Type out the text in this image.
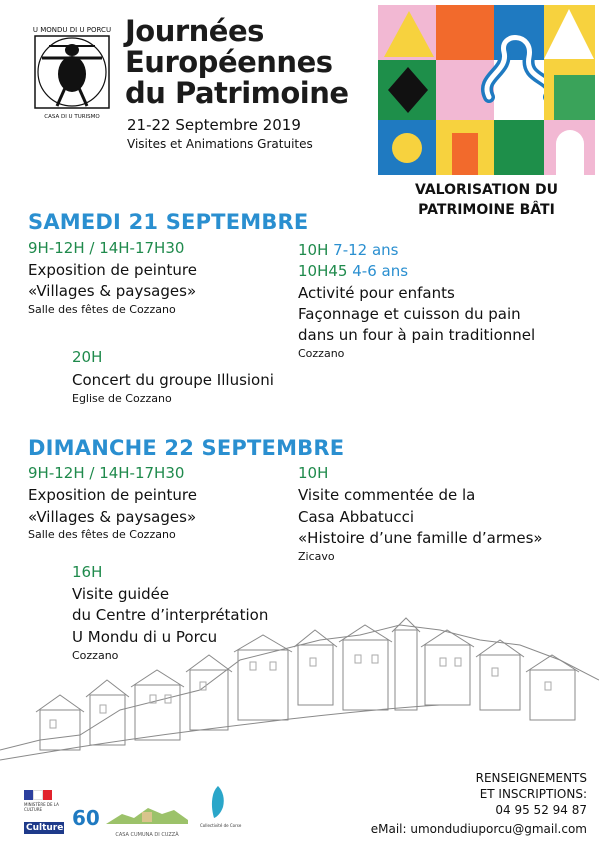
U MONDU DI U PORCU
CASA DI U TURISMO
Journées
Européennes
du Patrimoine
21-22 Septembre 2019
Visites et Animations Gratuites
VALORISATION DU
PATRIMOINE BÂTI
SAMEDI 21 SEPTEMBRE
9H-12H / 14H-17H30
Exposition de peinture
«Villages & paysages»
Salle des fêtes de Cozzano
10H 7-12 ans
10H45 4-6 ans
Activité pour enfants
Façonnage et cuisson du pain
dans un four à pain traditionnel
Cozzano
20H
Concert du groupe Illusioni
Eglise de Cozzano
DIMANCHE 22 SEPTEMBRE
9H-12H / 14H-17H30
Exposition de peinture
«Villages & paysages»
Salle des fêtes de Cozzano
10H
Visite commentée de la
Casa Abbatucci
«Histoire d’une famille d’armes»
Zicavo
16H
Visite guidée
du Centre d’interprétation
U Mondu di u Porcu
Cozzano
RENSEIGNEMENTS
ET INSCRIPTIONS:
04 95 52 94 87
eMail: umondudiuporcu@gmail.com
MINISTÈRE DE LA CULTURE
Culture 60
CASA CUMUNA DI CUZZÀ
Collectivité de Corse
